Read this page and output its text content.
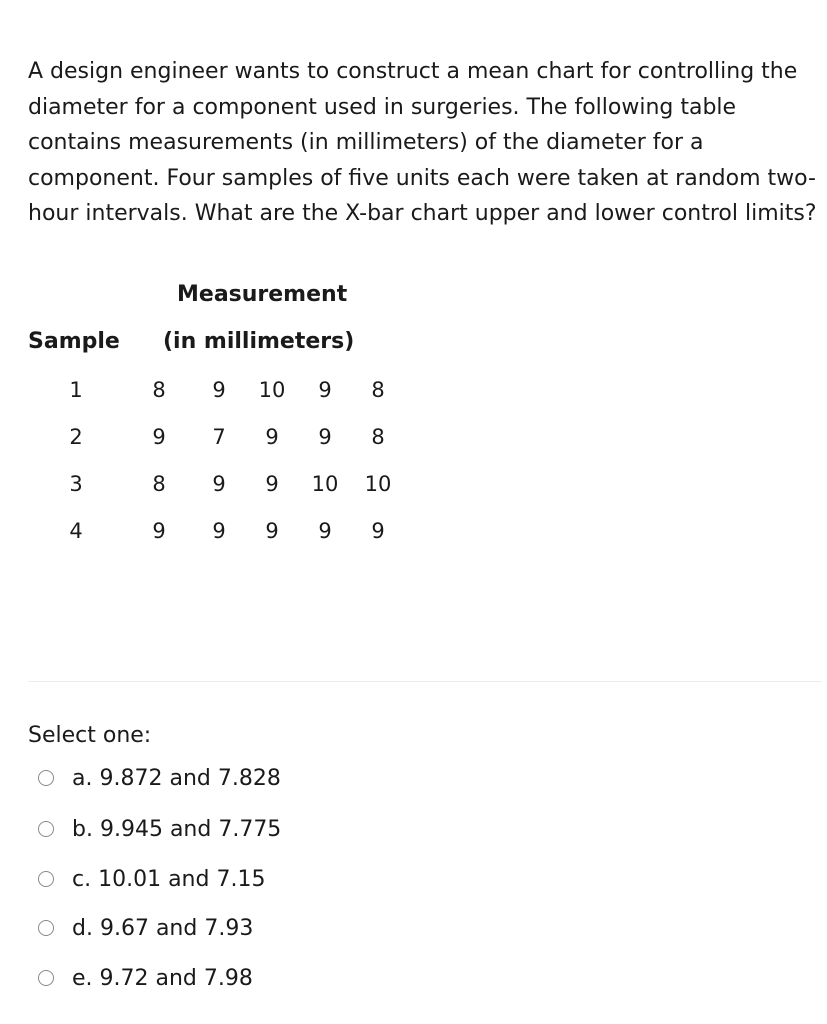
A design engineer wants to construct a mean chart for controlling the diameter for a component used in surgeries. The following table contains measurements (in millimeters) of the diameter for a component. Four samples of five units each were taken at random two-hour intervals. What are the X-bar chart upper and lower control limits?

Measurement
Sample (in millimeters)
1	8 9 10 9 8
2	9 7 9 9 8
3	8 9 9 10 10
4	9 9 9 9 9
Select one:
a. 9.872 and 7.828
b. 9.945 and 7.775
c. 10.01 and 7.15
d. 9.67 and 7.93
e. 9.72 and 7.98
